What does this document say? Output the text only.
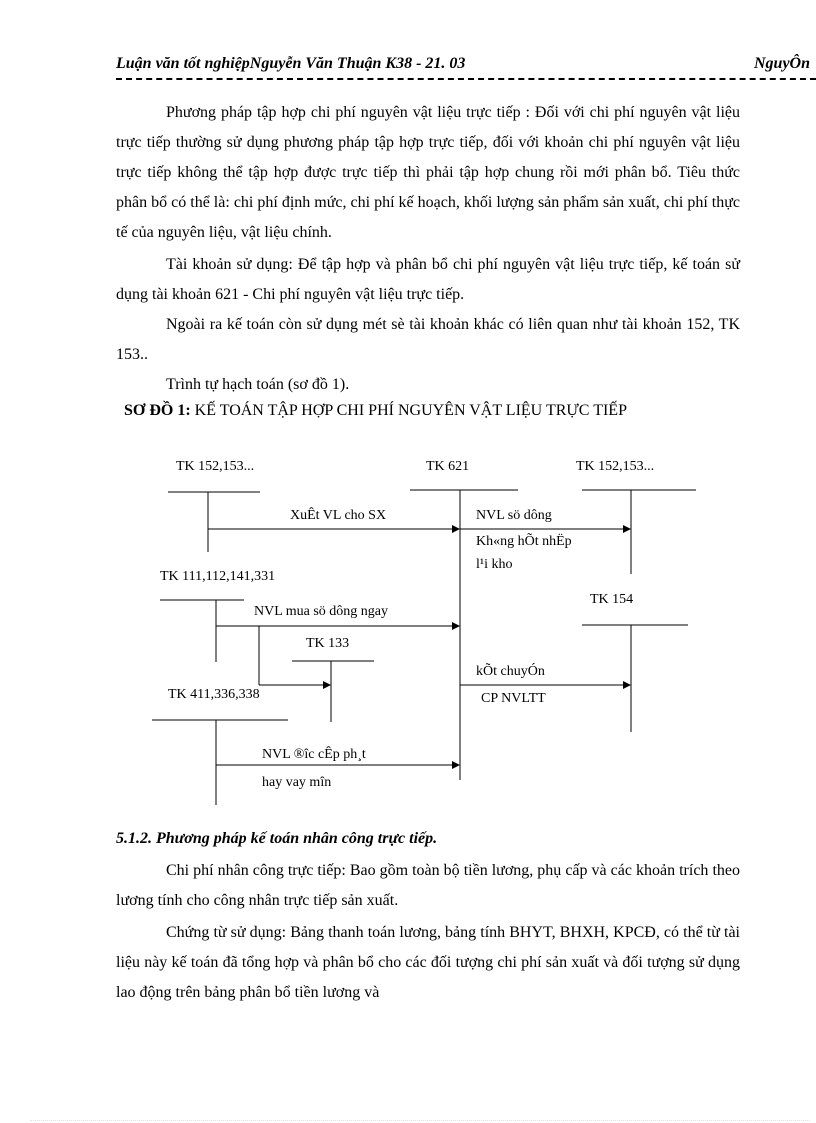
Luận văn tốt nghiệpNguyễn Văn Thuận K38 - 21. 03	NguyÔn

Phương pháp tập hợp chi phí nguyên vật liệu trực tiếp : Đối với chi phí nguyên vật liệu trực tiếp thường sử dụng phương pháp tập hợp trực tiếp, đối với khoản chi phí nguyên vật liệu trực tiếp không thể tập hợp được trực tiếp thì phải tập hợp chung rồi mới phân bổ. Tiêu thức phân bổ có thể là: chi phí định mức, chi phí kế hoạch, khối lượng sản phẩm sản xuất, chi phí thực tế của nguyên liệu, vật liệu chính.

Tài khoản sử dụng: Để tập hợp và phân bổ chi phí nguyên vật liệu trực tiếp, kế toán sử dụng tài khoản 621 - Chi phí nguyên vật liệu trực tiếp.

Ngoài ra kế toán còn sử dụng mét sè tài khoản khác có liên quan như tài khoản 152, TK 153..

Trình tự hạch toán (sơ đồ 1).

SƠ ĐỒ 1: KẾ TOÁN TẬP HỢP CHI PHÍ NGUYÊN VẬT LIỆU TRỰC TIẾP
TK 152,153...	TK 621	TK 152,153...
XuÊt VL cho SX	NVL sö dông
Kh«ng hÕt nhËp
l¹i kho
TK 111,112,141,331
NVL mua sö dông ngay
TK 154
TK 133
kÕt chuyÓn
CP NVLTT
TK 411,336,338
NVL ®îc cÊp ph¸t
hay vay mîn
5.1.2. Phương pháp kế toán nhân công trực tiếp.

Chi phí nhân công trực tiếp: Bao gồm toàn bộ tiền lương, phụ cấp và các khoản trích theo lương tính cho công nhân trực tiếp sản xuất.

Chứng từ sử dụng: Bảng thanh toán lương, bảng tính BHYT, BHXH, KPCĐ, có thể từ tài liệu này kế toán đã tổng hợp và phân bổ cho các đối tượng chi phí sản xuất và đối tượng sử dụng lao động trên bảng phân bổ tiền lương và
